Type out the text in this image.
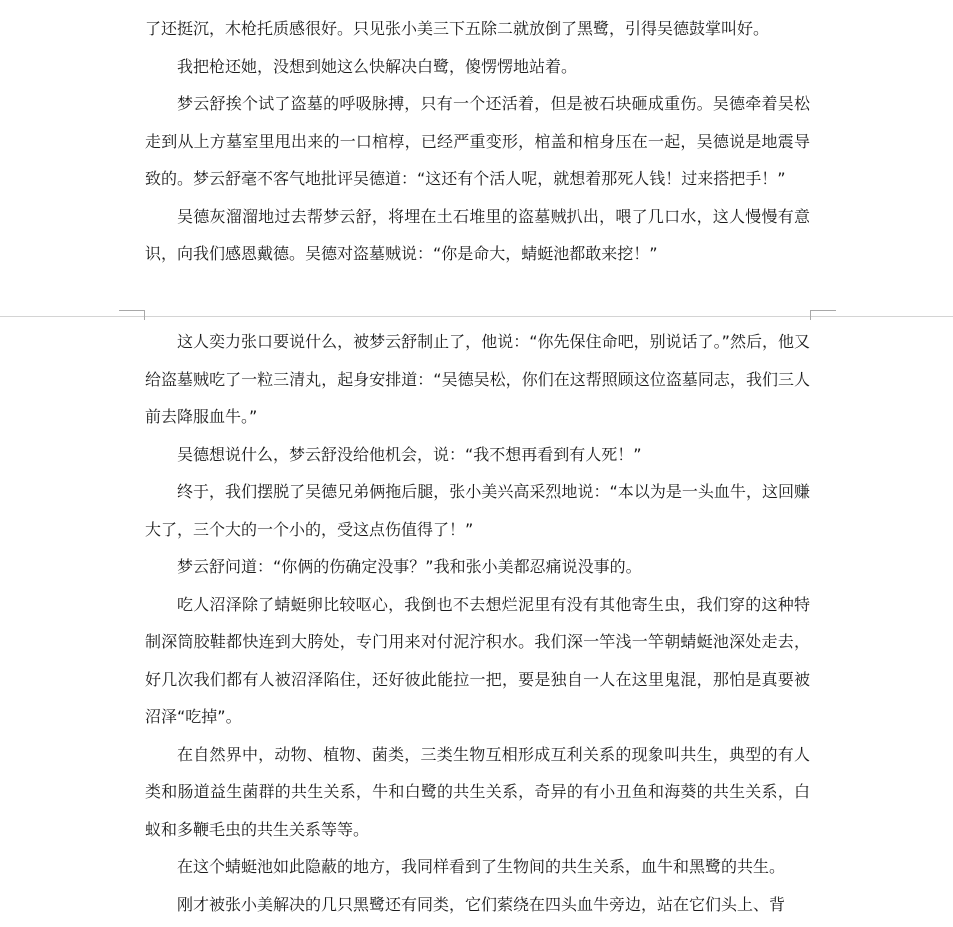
了还挺沉，木枪托质感很好。只见张小美三下五除二就放倒了黑鹭，引得吴德鼓掌叫好。

我把枪还她，没想到她这么快解决白鹭，傻愣愣地站着。

梦云舒挨个试了盗墓的呼吸脉搏，只有一个还活着，但是被石块砸成重伤。吴德牵着吴松走到从上方墓室里甩出来的一口棺椁，已经严重变形，棺盖和棺身压在一起，吴德说是地震导致的。梦云舒毫不客气地批评吴德道：“这还有个活人呢，就想着那死人钱！过来搭把手！”

吴德灰溜溜地过去帮梦云舒，将埋在土石堆里的盗墓贼扒出，喂了几口水，这人慢慢有意识，向我们感恩戴德。吴德对盗墓贼说：“你是命大，蜻蜓池都敢来挖！”

这人奕力张口要说什么，被梦云舒制止了，他说：“你先保住命吧，别说话了。”然后，他又给盗墓贼吃了一粒三清丸，起身安排道：“吴德吴松，你们在这帮照顾这位盗墓同志，我们三人前去降服血牛。”

吴德想说什么，梦云舒没给他机会，说：“我不想再看到有人死！”

终于，我们摆脱了吴德兄弟俩拖后腿，张小美兴高采烈地说：“本以为是一头血牛，这回赚大了，三个大的一个小的，受这点伤值得了！”

梦云舒问道：“你俩的伤确定没事？”我和张小美都忍痛说没事的。

吃人沼泽除了蜻蜓卵比较呕心，我倒也不去想烂泥里有没有其他寄生虫，我们穿的这种特制深筒胶鞋都快连到大胯处，专门用来对付泥泞积水。我们深一竿浅一竿朝蜻蜓池深处走去，好几次我们都有人被沼泽陷住，还好彼此能拉一把，要是独自一人在这里鬼混，那怕是真要被沼泽“吃掉”。

在自然界中，动物、植物、菌类，三类生物互相形成互利关系的现象叫共生，典型的有人类和肠道益生菌群的共生关系，牛和白鹭的共生关系，奇异的有小丑鱼和海葵的共生关系，白蚁和多鞭毛虫的共生关系等等。

在这个蜻蜓池如此隐蔽的地方，我同样看到了生物间的共生关系，血牛和黑鹭的共生。

刚才被张小美解决的几只黑鹭还有同类，它们萦绕在四头血牛旁边，站在它们头上、背
